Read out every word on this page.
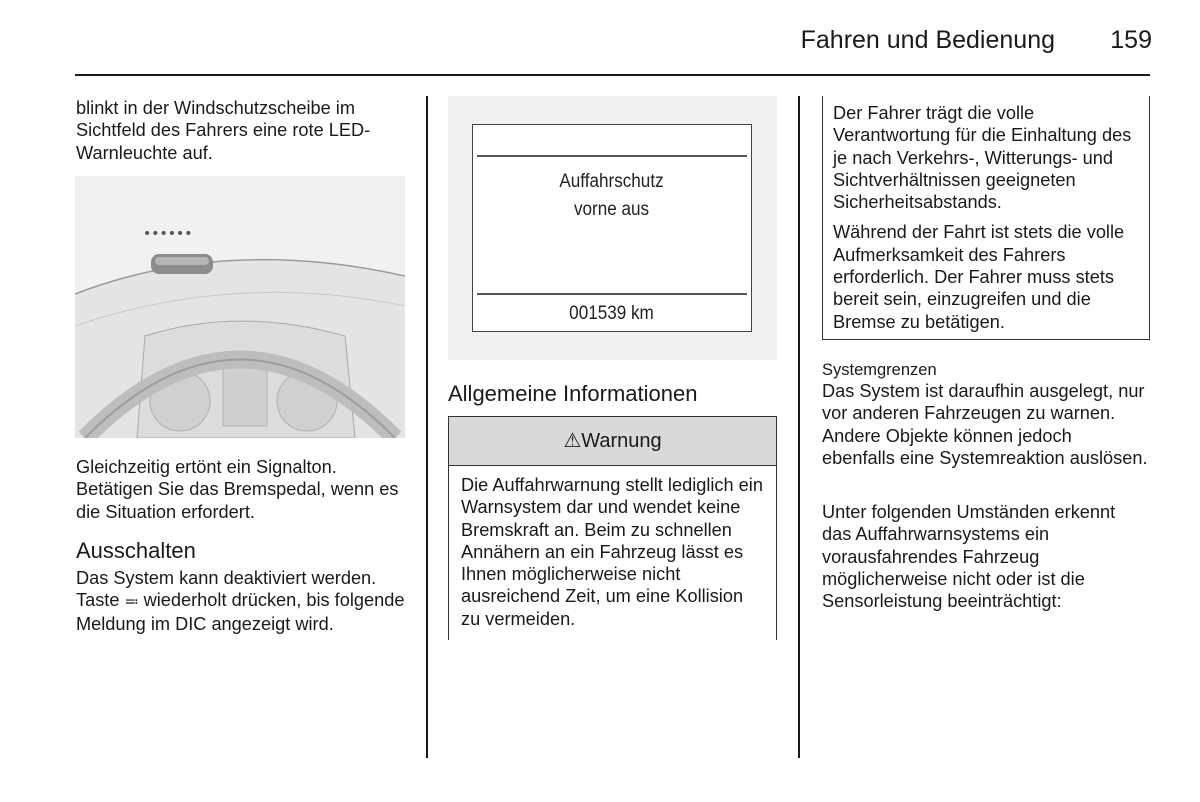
Fahren und Bedienung 159

blinkt in der Windschutzscheibe im Sichtfeld des Fahrers eine rote LED-Warnleuchte auf.

••••••

Gleichzeitig ertönt ein Signalton. Betätigen Sie das Bremspedal, wenn es die Situation erfordert.

Ausschalten

Das System kann deaktiviert werden. Taste ≕ wiederholt drücken, bis folgende Meldung im DIC angezeigt wird.

Auffahrschutz
vorne aus
001539 km
Allgemeine Informationen
⚠Warnung

Die Auffahrwarnung stellt lediglich ein Warnsystem dar und wendet keine Bremskraft an. Beim zu schnellen Annähern an ein Fahrzeug lässt es Ihnen möglicherweise nicht ausreichend Zeit, um eine Kollision zu vermeiden.

Der Fahrer trägt die volle Verantwortung für die Einhaltung des je nach Verkehrs-, Witterungs- und Sichtverhältnissen geeigneten Sicherheitsabstands.

Während der Fahrt ist stets die volle Aufmerksamkeit des Fahrers erforderlich. Der Fahrer muss stets bereit sein, einzugreifen und die Bremse zu betätigen.

Systemgrenzen

Das System ist daraufhin ausgelegt, nur vor anderen Fahrzeugen zu warnen. Andere Objekte können jedoch ebenfalls eine Systemreaktion auslösen.

Unter folgenden Umständen erkennt das Auffahrwarnsystems ein vorausfahrendes Fahrzeug möglicherweise nicht oder ist die Sensorleistung beeinträchtigt:
